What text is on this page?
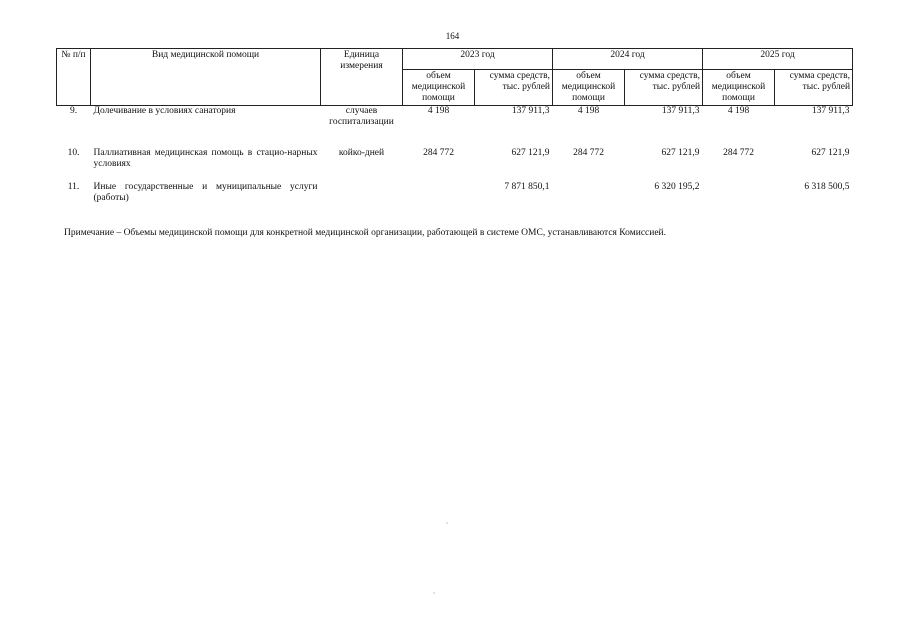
164
№ п/п	Вид медицинской помощи	Единица измерения	2023 год		2024 год		2025 год	
			объем медицинской помощи	сумма средств, тыс. рублей	объем медицинской помощи	сумма средств, тыс. рублей	объем медицинской помощи	сумма средств, тыс. рублей
9.	Долечивание в условиях санатория	случаев госпитализации	4 198	137 911,3	4 198	137 911,3	4 198	137 911,3

10.	Паллиативная медицинская помощь в стацио-нарных условиях	койко-дней	284 772	627 121,9	284 772	627 121,9	284 772	627 121,9

11.	Иные государственные и муниципальные услуги (работы)			7 871 850,1		6 320 195,2		6 318 500,5
Примечание – Объемы медицинской помощи для конкретной медицинской организации, работающей в системе ОМС, устанавливаются Комиссией.
